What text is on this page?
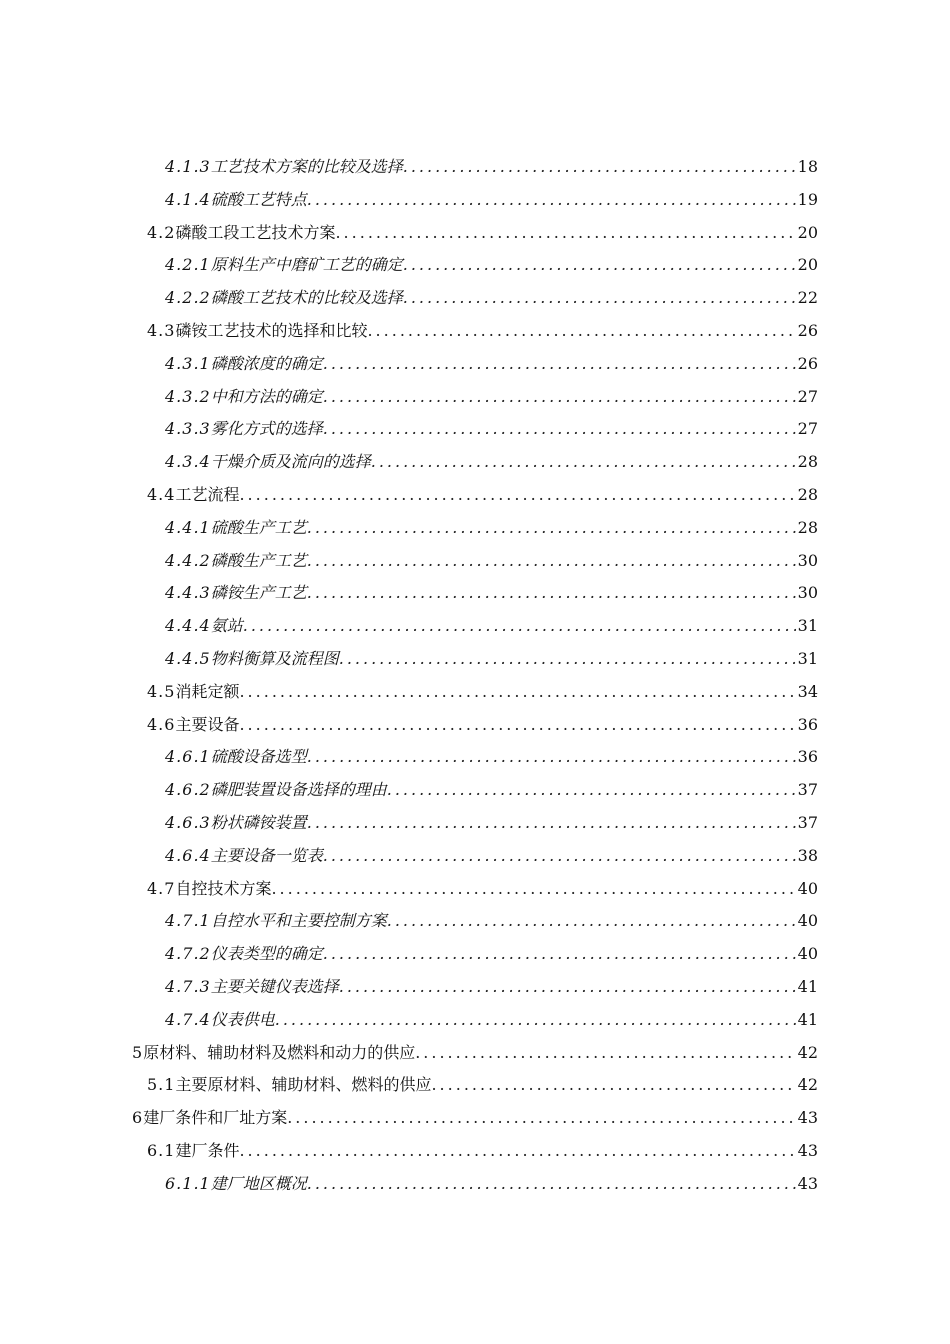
4.1.3 工艺技术方案的比较及选择 .....	18
4.1.4 硫酸工艺特点 .....	19
4.2 磷酸工段工艺技术方案 .....	20
4.2.1 原料生产中磨矿工艺的确定 .....	20
4.2.2 磷酸工艺技术的比较及选择 .....	22
4.3 磷铵工艺技术的选择和比较 .....	26
4.3.1 磷酸浓度的确定 .....	26
4.3.2 中和方法的确定 .....	27
4.3.3 雾化方式的选择 .....	27
4.3.4 干燥介质及流向的选择 .....	28
4.4 工艺流程 .....	28
4.4.1 硫酸生产工艺 .....	28
4.4.2 磷酸生产工艺 .....	30
4.4.3 磷铵生产工艺 .....	30
4.4.4 氨站 .....	31
4.4.5 物料衡算及流程图 .....	31
4.5 消耗定额 .....	34
4.6 主要设备 .....	36
4.6.1 硫酸设备选型 .....	36
4.6.2 磷肥装置设备选择的理由 .....	37
4.6.3 粉状磷铵装置 .....	37
4.6.4 主要设备一览表 .....	38
4.7 自控技术方案 .....	40
4.7.1 自控水平和主要控制方案 .....	40
4.7.2 仪表类型的确定 .....	40
4.7.3 主要关键仪表选择 .....	41
4.7.4 仪表供电 .....	41
5 原材料、辅助材料及燃料和动力的供应 .....	42
5.1 主要原材料、辅助材料、燃料的供应 .....	42
6 建厂条件和厂址方案 .....	43
6.1 建厂条件 .....	43
6.1.1 建厂地区概况 .....	43
